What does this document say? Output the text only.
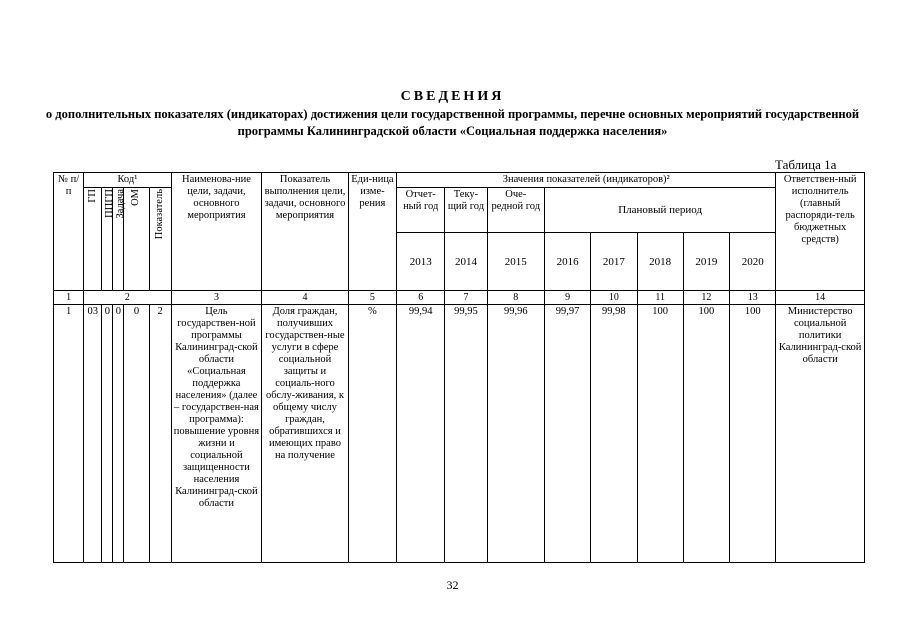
СВЕДЕНИЯ
о дополнительных показателях (индикаторах) достижения цели государственной программы, перечне основных мероприятий государственной программы Калининградской области «Социальная поддержка населения»
Таблица 1а
№ п/п	Код¹					Наименова-ние цели, задачи, основного мероприятия	Показатель выполнения цели, задачи, основного мероприятия	Еди-ница изме-рения	Значения показателей (индикаторов)²								Ответствен-ный исполнитель (главный распоряди-тель бюджетных средств)
	ГП	ППГП	Задача	ОМ	Показатель				Отчет-ный год	Теку-щий год	Оче-редной год	Плановый период					
									2013	2014	2015	2016	2017	2018	2019	2020	
1	2					3	4	5	6	7	8	9	10	11	12	13	14
1	03	0	0	0	2	Цель государствен-ной программы Калининград-ской области «Социальная поддержка населения» (далее – государствен-ная программа): повышение уровня жизни и социальной защищенности населения Калининград-ской области	Доля граждан, получивших государствен-ные услуги в сфере социальной защиты и социаль-ного обслу-живания, к общему числу граждан, обратившихся и имеющих право на получение	%	99,94	99,95	99,96	99,97	99,98	100	100	100	Министерство социальной политики Калининград-ской области
32
